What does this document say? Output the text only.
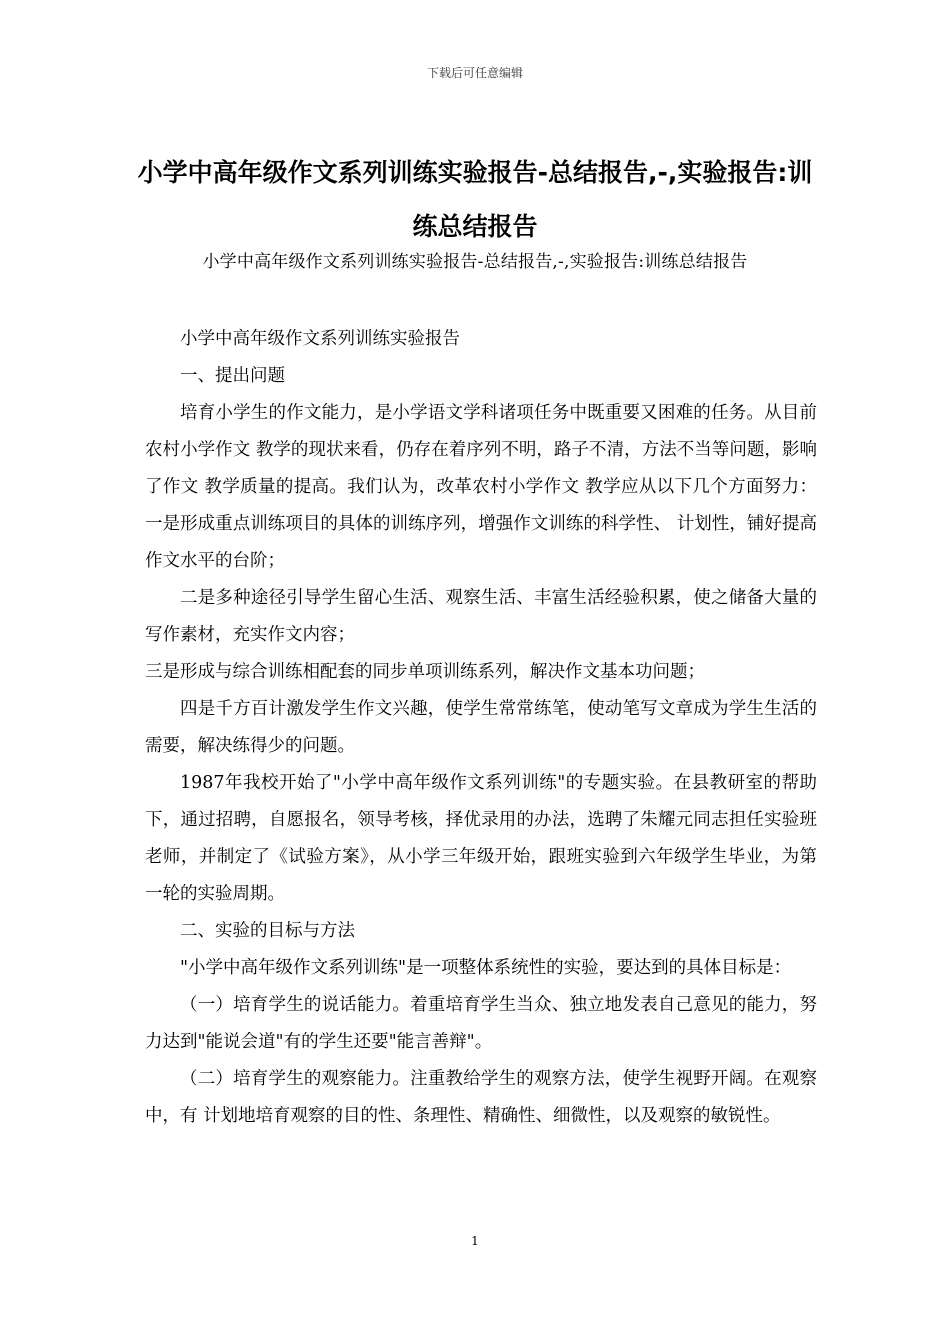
下载后可任意编辑
小学中高年级作文系列训练实验报告-总结报告,-,实验报告:训练总结报告
小学中高年级作文系列训练实验报告-总结报告,-,实验报告:训练总结报告

小学中高年级作文系列训练实验报告

一、提出问题

培育小学生的作文能力，是小学语文学科诸项任务中既重要又困难的任务。从目前农村小学作文 教学的现状来看，仍存在着序列不明，路子不清，方法不当等问题，影响了作文 教学质量的提高。我们认为，改革农村小学作文 教学应从以下几个方面努力：一是形成重点训练项目的具体的训练序列，增强作文训练的科学性、 计划性，铺好提高作文水平的台阶；

二是多种途径引导学生留心生活、观察生活、丰富生活经验积累，使之储备大量的写作素材，充实作文内容；

三是形成与综合训练相配套的同步单项训练系列，解决作文基本功问题；

四是千方百计激发学生作文兴趣，使学生常常练笔，使动笔写文章成为学生生活的需要，解决练得少的问题。

1987年我校开始了"小学中高年级作文系列训练"的专题实验。在县教研室的帮助下，通过招聘，自愿报名，领导考核，择优录用的办法，选聘了朱耀元同志担任实验班老师，并制定了《试验方案》，从小学三年级开始，跟班实验到六年级学生毕业，为第一轮的实验周期。

二、实验的目标与方法

"小学中高年级作文系列训练"是一项整体系统性的实验，要达到的具体目标是：

（一）培育学生的说话能力。着重培育学生当众、独立地发表自己意见的能力，努力达到"能说会道"有的学生还要"能言善辩"。

（二）培育学生的观察能力。注重教给学生的观察方法，使学生视野开阔。在观察中，有 计划地培育观察的目的性、条理性、精确性、细微性，以及观察的敏锐性。

1
